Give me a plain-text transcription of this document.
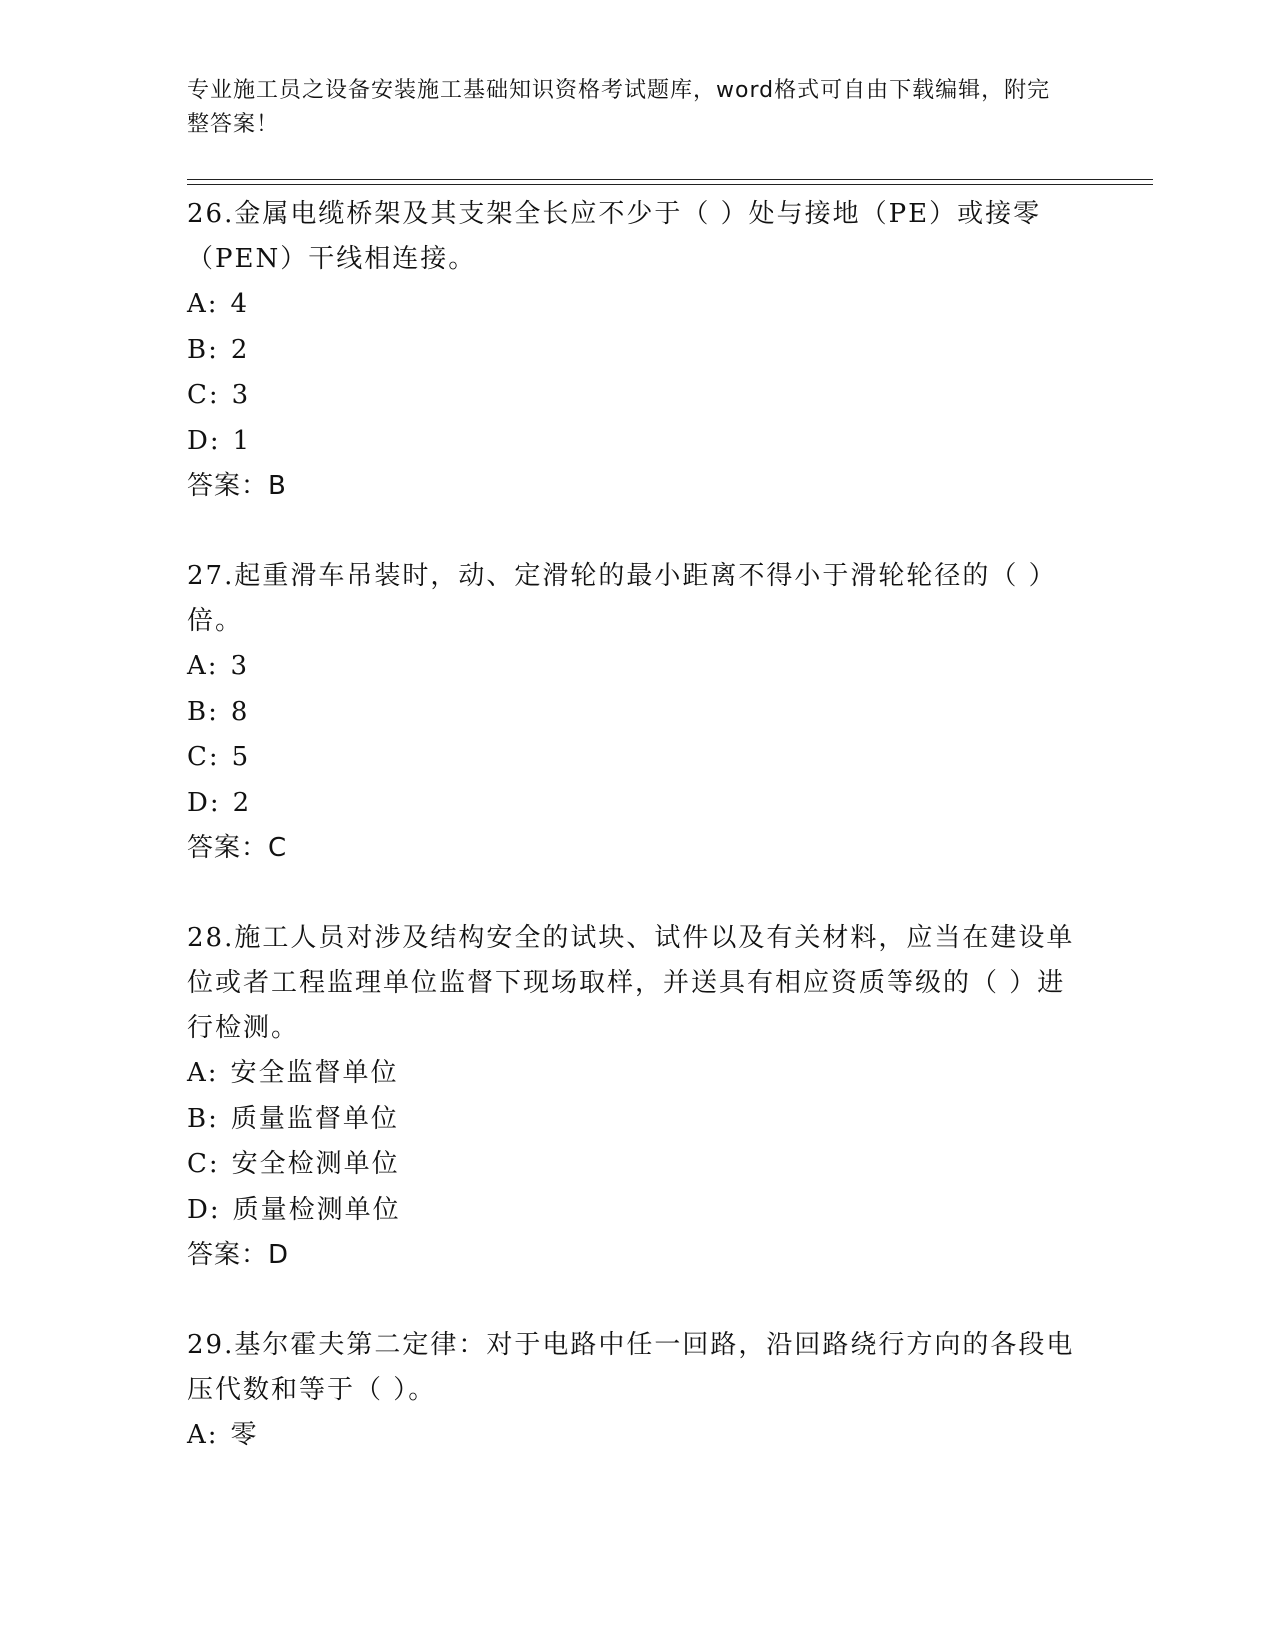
专业施工员之设备安装施工基础知识资格考试题库，word格式可自由下载编辑，附完整答案！
26.金属电缆桥架及其支架全长应不少于（ ）处与接地（PE）或接零（PEN）干线相连接。
A: 4
B: 2
C: 3
D: 1
答案：B
27.起重滑车吊装时，动、定滑轮的最小距离不得小于滑轮轮径的（ ）倍。
A: 3
B: 8
C: 5
D: 2
答案：C
28.施工人员对涉及结构安全的试块、试件以及有关材料，应当在建设单位或者工程监理单位监督下现场取样，并送具有相应资质等级的（ ）进行检测。
A: 安全监督单位
B: 质量监督单位
C: 安全检测单位
D: 质量检测单位
答案：D
29.基尔霍夫第二定律：对于电路中任一回路，沿回路绕行方向的各段电压代数和等于（ ）。
A: 零
